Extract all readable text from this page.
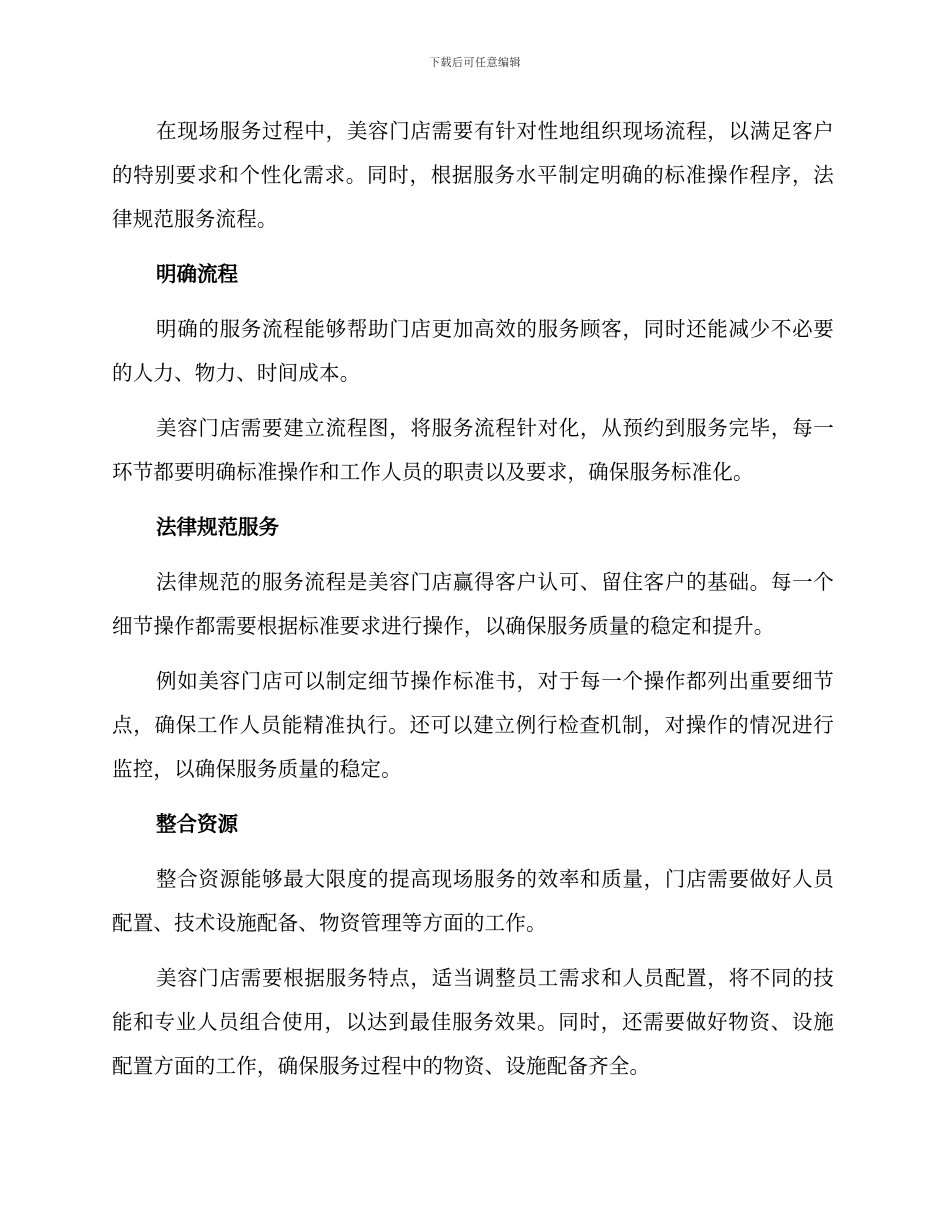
下载后可任意编辑

在现场服务过程中，美容门店需要有针对性地组织现场流程，以满足客户的特别要求和个性化需求。同时，根据服务水平制定明确的标准操作程序，法律规范服务流程。

明确流程

明确的服务流程能够帮助门店更加高效的服务顾客，同时还能减少不必要的人力、物力、时间成本。

美容门店需要建立流程图，将服务流程针对化，从预约到服务完毕，每一环节都要明确标准操作和工作人员的职责以及要求，确保服务标准化。

法律规范服务

法律规范的服务流程是美容门店赢得客户认可、留住客户的基础。每一个细节操作都需要根据标准要求进行操作，以确保服务质量的稳定和提升。

例如美容门店可以制定细节操作标准书，对于每一个操作都列出重要细节点，确保工作人员能精准执行。还可以建立例行检查机制，对操作的情况进行监控，以确保服务质量的稳定。

整合资源

整合资源能够最大限度的提高现场服务的效率和质量，门店需要做好人员配置、技术设施配备、物资管理等方面的工作。

美容门店需要根据服务特点，适当调整员工需求和人员配置，将不同的技能和专业人员组合使用，以达到最佳服务效果。同时，还需要做好物资、设施配置方面的工作，确保服务过程中的物资、设施配备齐全。
